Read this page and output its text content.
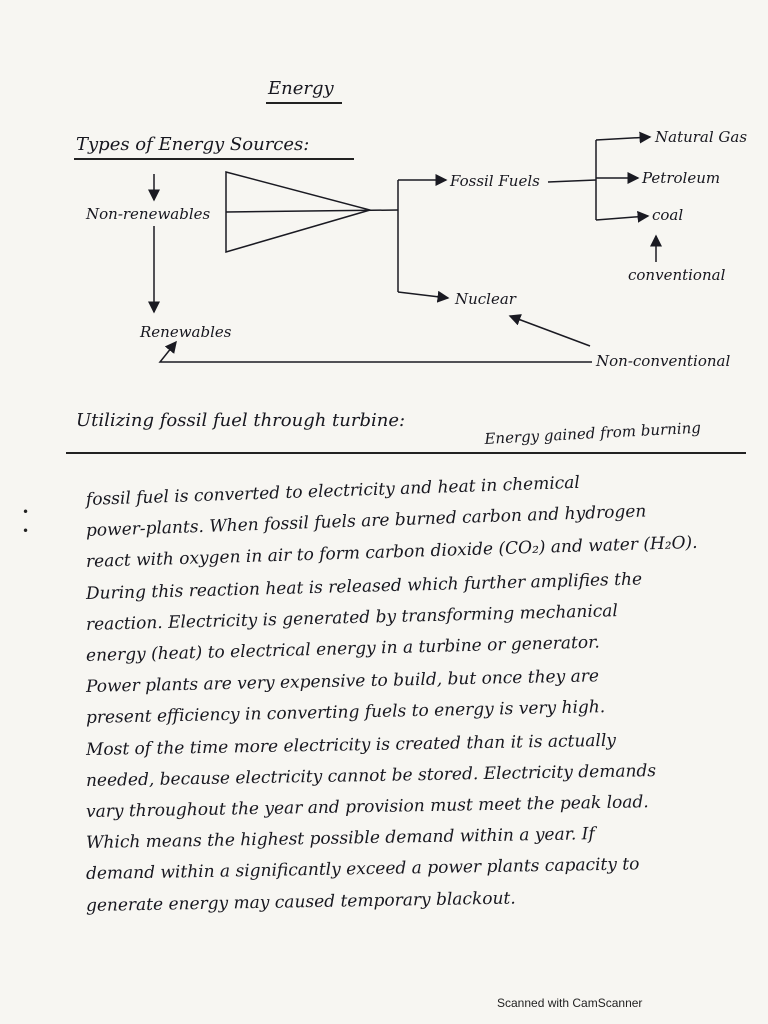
Energy
Types of Energy Sources:
Non-renewables
Renewables
Fossil Fuels
Nuclear
Natural Gas
Petroleum
coal
conventional
Non-conventional
Utilizing fossil fuel through turbine:	Energy gained from burning
•
•
fossil fuel is converted to electricity and heat in chemical
power-plants. When fossil fuels are burned carbon and hydrogen
react with oxygen in air to form carbon dioxide (CO₂) and water (H₂O).
During this reaction heat is released which further amplifies the
reaction. Electricity is generated by transforming mechanical
energy (heat) to electrical energy in a turbine or generator.
Power plants are very expensive to build, but once they are
present efficiency in converting fuels to energy is very high.
Most of the time more electricity is created than it is actually
needed, because electricity cannot be stored. Electricity demands
vary throughout the year and provision must meet the peak load.
Which means the highest possible demand within a year. If
demand within a significantly exceed a power plants capacity to
generate energy may caused temporary blackout.
Scanned with CamScanner
